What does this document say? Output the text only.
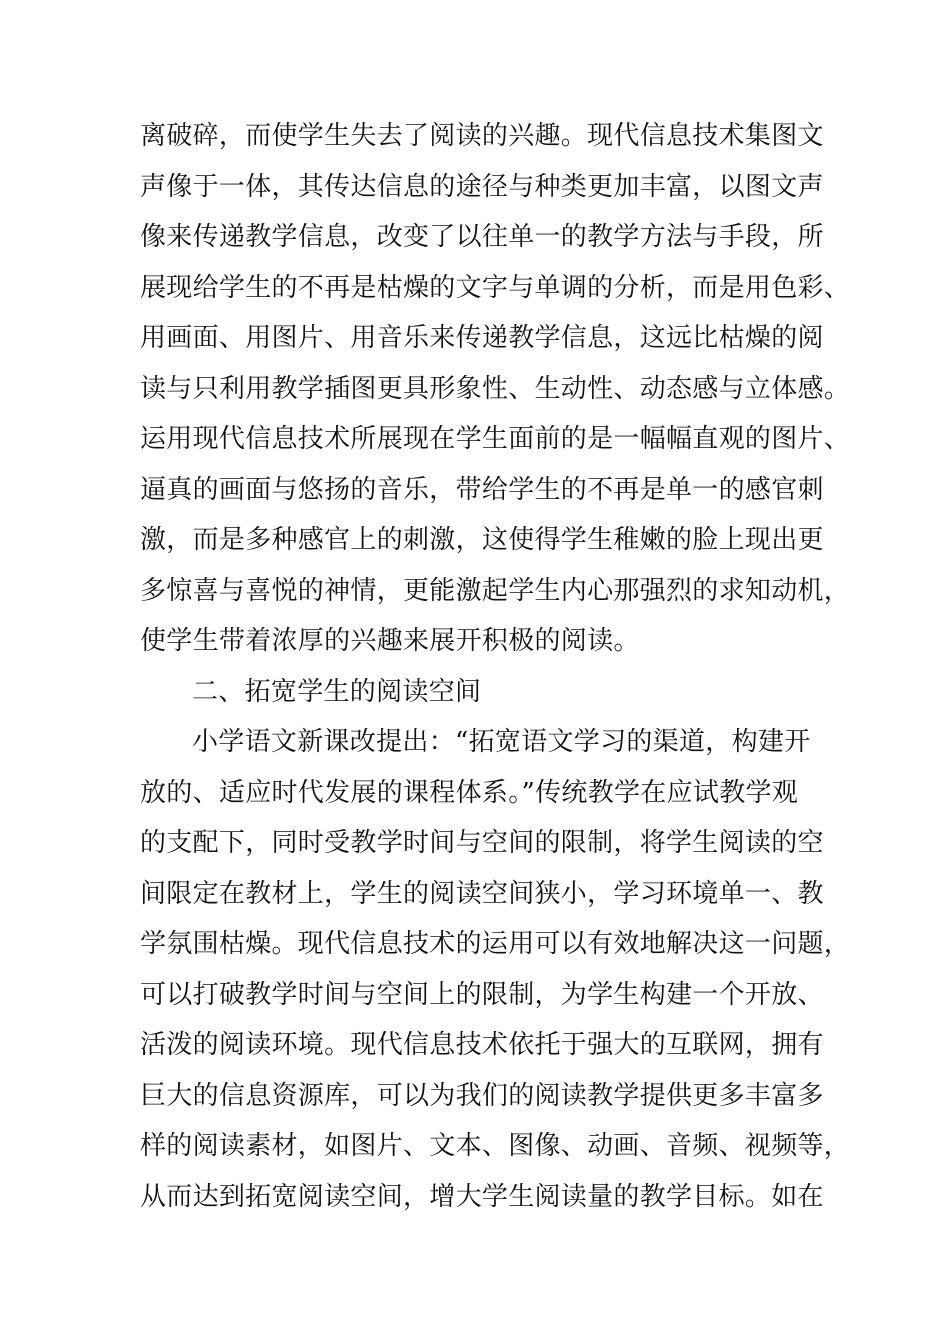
离破碎，而使学生失去了阅读的兴趣。现代信息技术集图文
声像于一体，其传达信息的途径与种类更加丰富，以图文声
像来传递教学信息，改变了以往单一的教学方法与手段，所
展现给学生的不再是枯燥的文字与单调的分析，而是用色彩、
用画面、用图片、用音乐来传递教学信息，这远比枯燥的阅
读与只利用教学插图更具形象性、生动性、动态感与立体感。
运用现代信息技术所展现在学生面前的是一幅幅直观的图片、
逼真的画面与悠扬的音乐，带给学生的不再是单一的感官刺
激，而是多种感官上的刺激，这使得学生稚嫩的脸上现出更
多惊喜与喜悦的神情，更能激起学生内心那强烈的求知动机，
使学生带着浓厚的兴趣来展开积极的阅读。
二、拓宽学生的阅读空间
小学语文新课改提出：“拓宽语文学习的渠道，构建开
放的、适应时代发展的课程体系。”传统教学在应试教学观
的支配下，同时受教学时间与空间的限制，将学生阅读的空
间限定在教材上，学生的阅读空间狭小，学习环境单一、教
学氛围枯燥。现代信息技术的运用可以有效地解决这一问题，
可以打破教学时间与空间上的限制，为学生构建一个开放、
活泼的阅读环境。现代信息技术依托于强大的互联网，拥有
巨大的信息资源库，可以为我们的阅读教学提供更多丰富多
样的阅读素材，如图片、文本、图像、动画、音频、视频等，
从而达到拓宽阅读空间，增大学生阅读量的教学目标。如在
